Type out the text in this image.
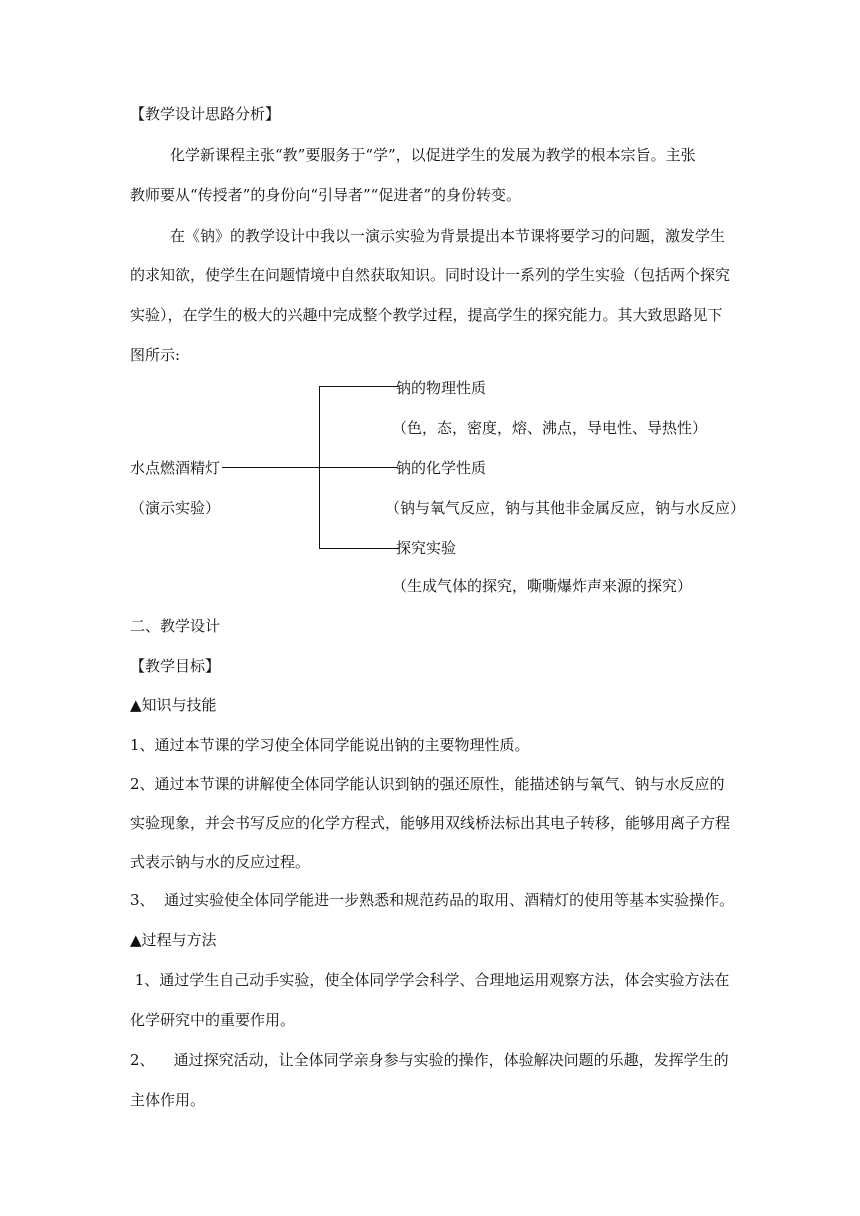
【教学设计思路分析】
化学新课程主张“教”要服务于“学”，以促进学生的发展为教学的根本宗旨。主张
教师要从“传授者”的身份向“引导者”“促进者”的身份转变。
在《钠》的教学设计中我以一演示实验为背景提出本节课将要学习的问题，激发学生
的求知欲，使学生在问题情境中自然获取知识。同时设计一系列的学生实验（包括两个探究
实验），在学生的极大的兴趣中完成整个教学过程，提高学生的探究能力。其大致思路见下
图所示:
水点燃酒精灯
（演示实验）
钠的物理性质
（色，态，密度，熔、沸点，导电性、导热性）
钠的化学性质
（钠与氧气反应，钠与其他非金属反应，钠与水反应）
探究实验
（生成气体的探究，嘶嘶爆炸声来源的探究）
二、教学设计
【教学目标】
▲知识与技能
1、通过本节课的学习使全体同学能说出钠的主要物理性质。
2、通过本节课的讲解使全体同学能认识到钠的强还原性，能描述钠与氧气、钠与水反应的
实验现象，并会书写反应的化学方程式，能够用双线桥法标出其电子转移，能够用离子方程
式表示钠与水的反应过程。
3、  通过实验使全体同学能进一步熟悉和规范药品的取用、酒精灯的使用等基本实验操作。
▲过程与方法
1、通过学生自己动手实验，使全体同学学会科学、合理地运用观察方法，体会实验方法在
化学研究中的重要作用。
2、    通过探究活动，让全体同学亲身参与实验的操作，体验解决问题的乐趣，发挥学生的
主体作用。
